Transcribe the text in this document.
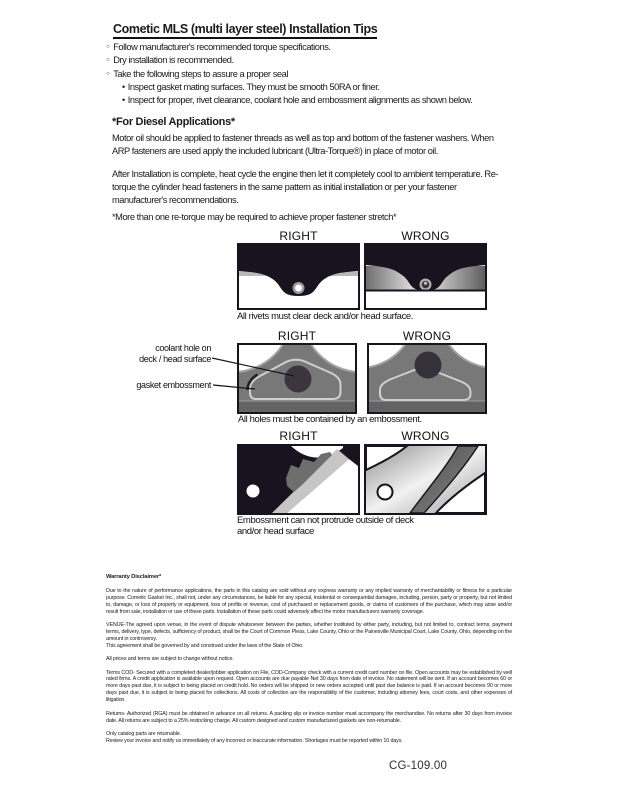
Cometic MLS (multi layer steel) Installation Tips
○ Follow manufacturer's recommended torque specifications.
○ Dry installation is recommended.
○ Take the following steps to assure a proper seal
• Inspect gasket mating surfaces. They must be smooth 50RA or finer.
• Inspect for proper, rivet clearance, coolant hole and embossment alignments as shown below.
*For Diesel Applications*
Motor oil should be applied to fastener threads as well as top and bottom of the fastener washers. When ARP fasteners are used apply the included lubricant (Ultra-Torque®) in place of motor oil.
After Installation is complete, heat cycle the engine then let it completely cool to ambient temperature. Re-torque the cylinder head fasteners in the same pattern as initial installation or per your fastener manufacturer's recommendations.
*More than one re-torque may be required to achieve proper fastener stretch*
RIGHT	WRONG
All rivets must clear deck and/or head surface.
RIGHT	WRONG
coolant hole on
deck / head surface
gasket embossment
All holes must be contained by an embossment.
RIGHT	WRONG
Embossment can not protrude outside of deck
and/or head surface
Warranty Disclaimer*

Due to the nature of performance applications, the parts in this catalog are sold without any express warranty or any implied warranty of merchantability or fitness for a particular purpose. Cometic Gasket Inc., shall not, under any circumstances, be liable for any special, incidental or consequential damages, including, person, party or property, but not limited to, damage, or loss of property or equipment, loss of profits or revenue, cost of purchased or replacement goods, or claims of customers of the purchase, which may arise and/or result from sale, installation or use of these parts. Installation of these parts could adversely affect the motor manufacturers warranty coverage.

VENUE-The agreed upon venue, in the event of dispute whatsoever between the parties, whether instituted by either party, including, but not limited to, contract terms, payment terms, delivery, type, defects, sufficiency of product, shall be the Court of Common Pleas, Lake County, Ohio or the Painesville Municipal Court, Lake County, Ohio, depending on the amount in controversy.

This agreement shall be governed by and construed under the laws of the State of Ohio.

All prices and terms are subject to change without notice.

Terms COD- Secured with a completed dealer/jobber application on File, COD-Company check with a current credit card number on file. Open accounts may be established by well rated firms. A credit application is available upon request. Open accounts are due payable Net 30 days from date of invoice. No statement will be sent. If an account becomes 60 or more days past due, it is subject to being placed on credit hold. No orders will be shipped or new orders accepted until past due balance is paid. If an account becomes 90 or more days past due, it is subject to being placed for collections. All costs of collection are the responsibility of the customer, including attorney fees, court costs, and other expenses of litigation.

Returns- Authorized (RGA) must be obtained in advance on all returns. A packing slip or invoice number must accompany the merchandise. No returns after 30 days from invoice date. All returns are subject to a 25% restocking charge. All custom designed and custom manufactured gaskets are non-returnable.

Only catalog parts are returnable.

Review your invoice and notify us immediately of any incorrect or inaccurate information. Shortages must be reported within 10 days.

CG-109.00
